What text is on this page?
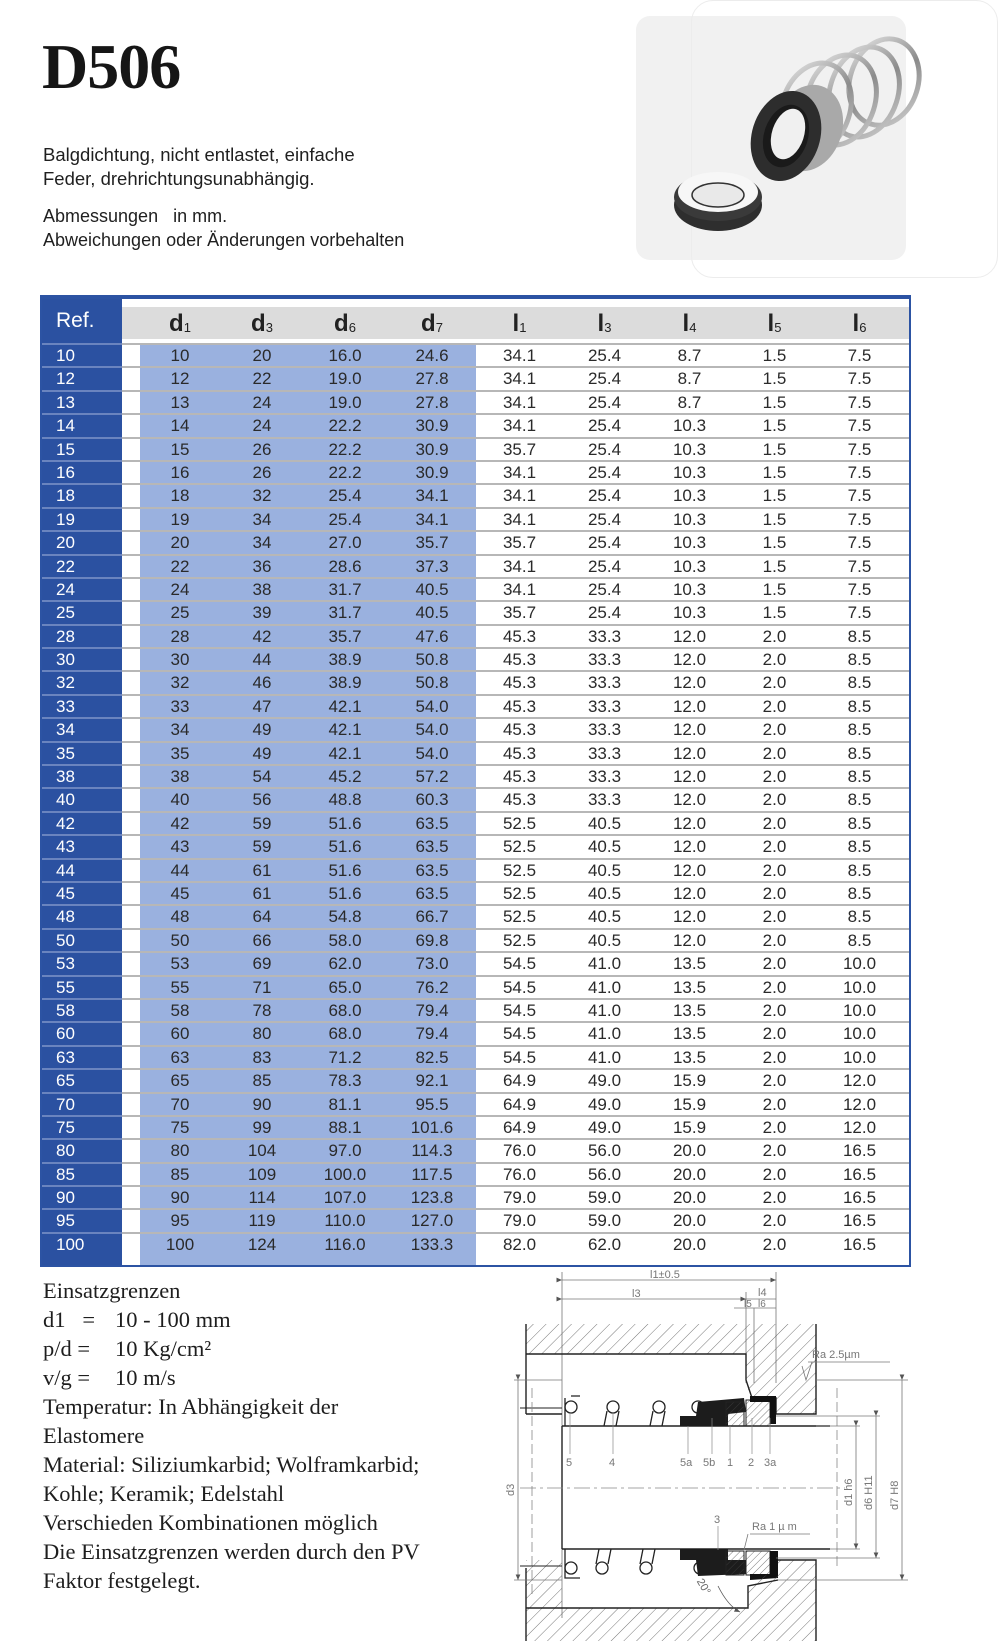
D506
Balgdichtung, nicht entlastet, einfache
Feder, drehrichtungsunabhängig.
Abmessungen   in mm.
Abweichungen oder Änderungen vorbehalten
Ref.	$d_1$	$d_3$	$d_6$	$d_7$	$l_1$	$l_3$	$l_4$	$l_5$	$l_6$
10	10	20	16.0	24.6	34.1	25.4	8.7	1.5	7.5
12	12	22	19.0	27.8	34.1	25.4	8.7	1.5	7.5
13	13	24	19.0	27.8	34.1	25.4	8.7	1.5	7.5
14	14	24	22.2	30.9	34.1	25.4	10.3	1.5	7.5
15	15	26	22.2	30.9	35.7	25.4	10.3	1.5	7.5
16	16	26	22.2	30.9	34.1	25.4	10.3	1.5	7.5
18	18	32	25.4	34.1	34.1	25.4	10.3	1.5	7.5
19	19	34	25.4	34.1	34.1	25.4	10.3	1.5	7.5
20	20	34	27.0	35.7	35.7	25.4	10.3	1.5	7.5
22	22	36	28.6	37.3	34.1	25.4	10.3	1.5	7.5
24	24	38	31.7	40.5	34.1	25.4	10.3	1.5	7.5
25	25	39	31.7	40.5	35.7	25.4	10.3	1.5	7.5
28	28	42	35.7	47.6	45.3	33.3	12.0	2.0	8.5
30	30	44	38.9	50.8	45.3	33.3	12.0	2.0	8.5
32	32	46	38.9	50.8	45.3	33.3	12.0	2.0	8.5
33	33	47	42.1	54.0	45.3	33.3	12.0	2.0	8.5
34	34	49	42.1	54.0	45.3	33.3	12.0	2.0	8.5
35	35	49	42.1	54.0	45.3	33.3	12.0	2.0	8.5
38	38	54	45.2	57.2	45.3	33.3	12.0	2.0	8.5
40	40	56	48.8	60.3	45.3	33.3	12.0	2.0	8.5
42	42	59	51.6	63.5	52.5	40.5	12.0	2.0	8.5
43	43	59	51.6	63.5	52.5	40.5	12.0	2.0	8.5
44	44	61	51.6	63.5	52.5	40.5	12.0	2.0	8.5
45	45	61	51.6	63.5	52.5	40.5	12.0	2.0	8.5
48	48	64	54.8	66.7	52.5	40.5	12.0	2.0	8.5
50	50	66	58.0	69.8	52.5	40.5	12.0	2.0	8.5
53	53	69	62.0	73.0	54.5	41.0	13.5	2.0	10.0
55	55	71	65.0	76.2	54.5	41.0	13.5	2.0	10.0
58	58	78	68.0	79.4	54.5	41.0	13.5	2.0	10.0
60	60	80	68.0	79.4	54.5	41.0	13.5	2.0	10.0
63	63	83	71.2	82.5	54.5	41.0	13.5	2.0	10.0
65	65	85	78.3	92.1	64.9	49.0	15.9	2.0	12.0
70	70	90	81.1	95.5	64.9	49.0	15.9	2.0	12.0
75	75	99	88.1	101.6	64.9	49.0	15.9	2.0	12.0
80	80	104	97.0	114.3	76.0	56.0	20.0	2.0	16.5
85	85	109	100.0	117.5	76.0	56.0	20.0	2.0	16.5
90	90	114	107.0	123.8	79.0	59.0	20.0	2.0	16.5
95	95	119	110.0	127.0	79.0	59.0	20.0	2.0	16.5
100	100	124	116.0	133.3	82.0	62.0	20.0	2.0	16.5
Einsatzgrenzen
d1   = 10 - 100 mm
p/d = 10 Kg/cm²
v/g = 10 m/s
Temperatur: In Abhängigkeit der
Elastomere
Material: Siliziumkarbid; Wolframkarbid;
Kohle; Keramik; Edelstahl
Verschieden Kombinationen möglich
Die Einsatzgrenzen werden durch den PV
Faktor festgelegt.
l1±0.5
l3	l4
l5 l6
20°
Ra 2.5µm
Ra 1 µ m
d1 h6 d6 H11 d7 H8
d3
5	4	5a 5b 1 2 3a
3
